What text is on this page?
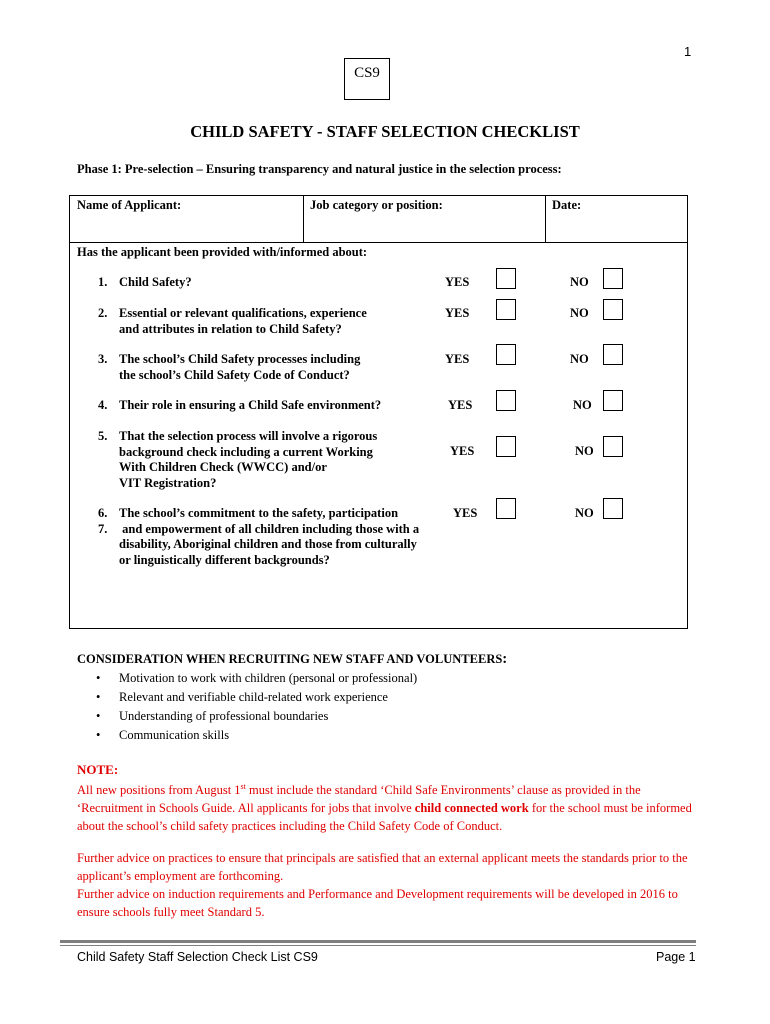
1
CS9
CHILD SAFETY - STAFF SELECTION CHECKLIST
Phase 1: Pre-selection – Ensuring transparency and natural justice in the selection process:
Name of Applicant:	Job category or position:	Date:
Has the applicant been provided with/informed about:
1. Child Safety?	YES	NO
2. Essential or relevant qualifications, experience
and attributes in relation to Child Safety?
YES	NO
3. The school’s Child Safety processes including
the school’s Child Safety Code of Conduct?
YES	NO
4. Their role in ensuring a Child Safe environment?	YES	NO
5. That the selection process will involve a rigorous
background check including a current Working
With Children Check (WWCC) and/or
VIT Registration?
YES	NO
6. The school’s commitment to the safety, participation
7. and empowerment of all children including those with a
disability, Aboriginal children and those from culturally
or linguistically different backgrounds?
YES	NO
CONSIDERATION WHEN RECRUITING NEW STAFF AND VOLUNTEERS:
• Motivation to work with children (personal or professional)
• Relevant and verifiable child-related work experience
• Understanding of professional boundaries
• Communication skills
NOTE:
All new positions from August 1st must include the standard ‘Child Safe Environments’ clause as provided in the ‘Recruitment in Schools Guide. All applicants for jobs that involve child connected work for the school must be informed about the school’s child safety practices including the Child Safety Code of Conduct.
Further advice on practices to ensure that principals are satisfied that an external applicant meets the standards prior to the applicant’s employment are forthcoming.
Further advice on induction requirements and Performance and Development requirements will be developed in 2016 to ensure schools fully meet Standard 5.
Child Safety Staff Selection Check List CS9	Page 1
